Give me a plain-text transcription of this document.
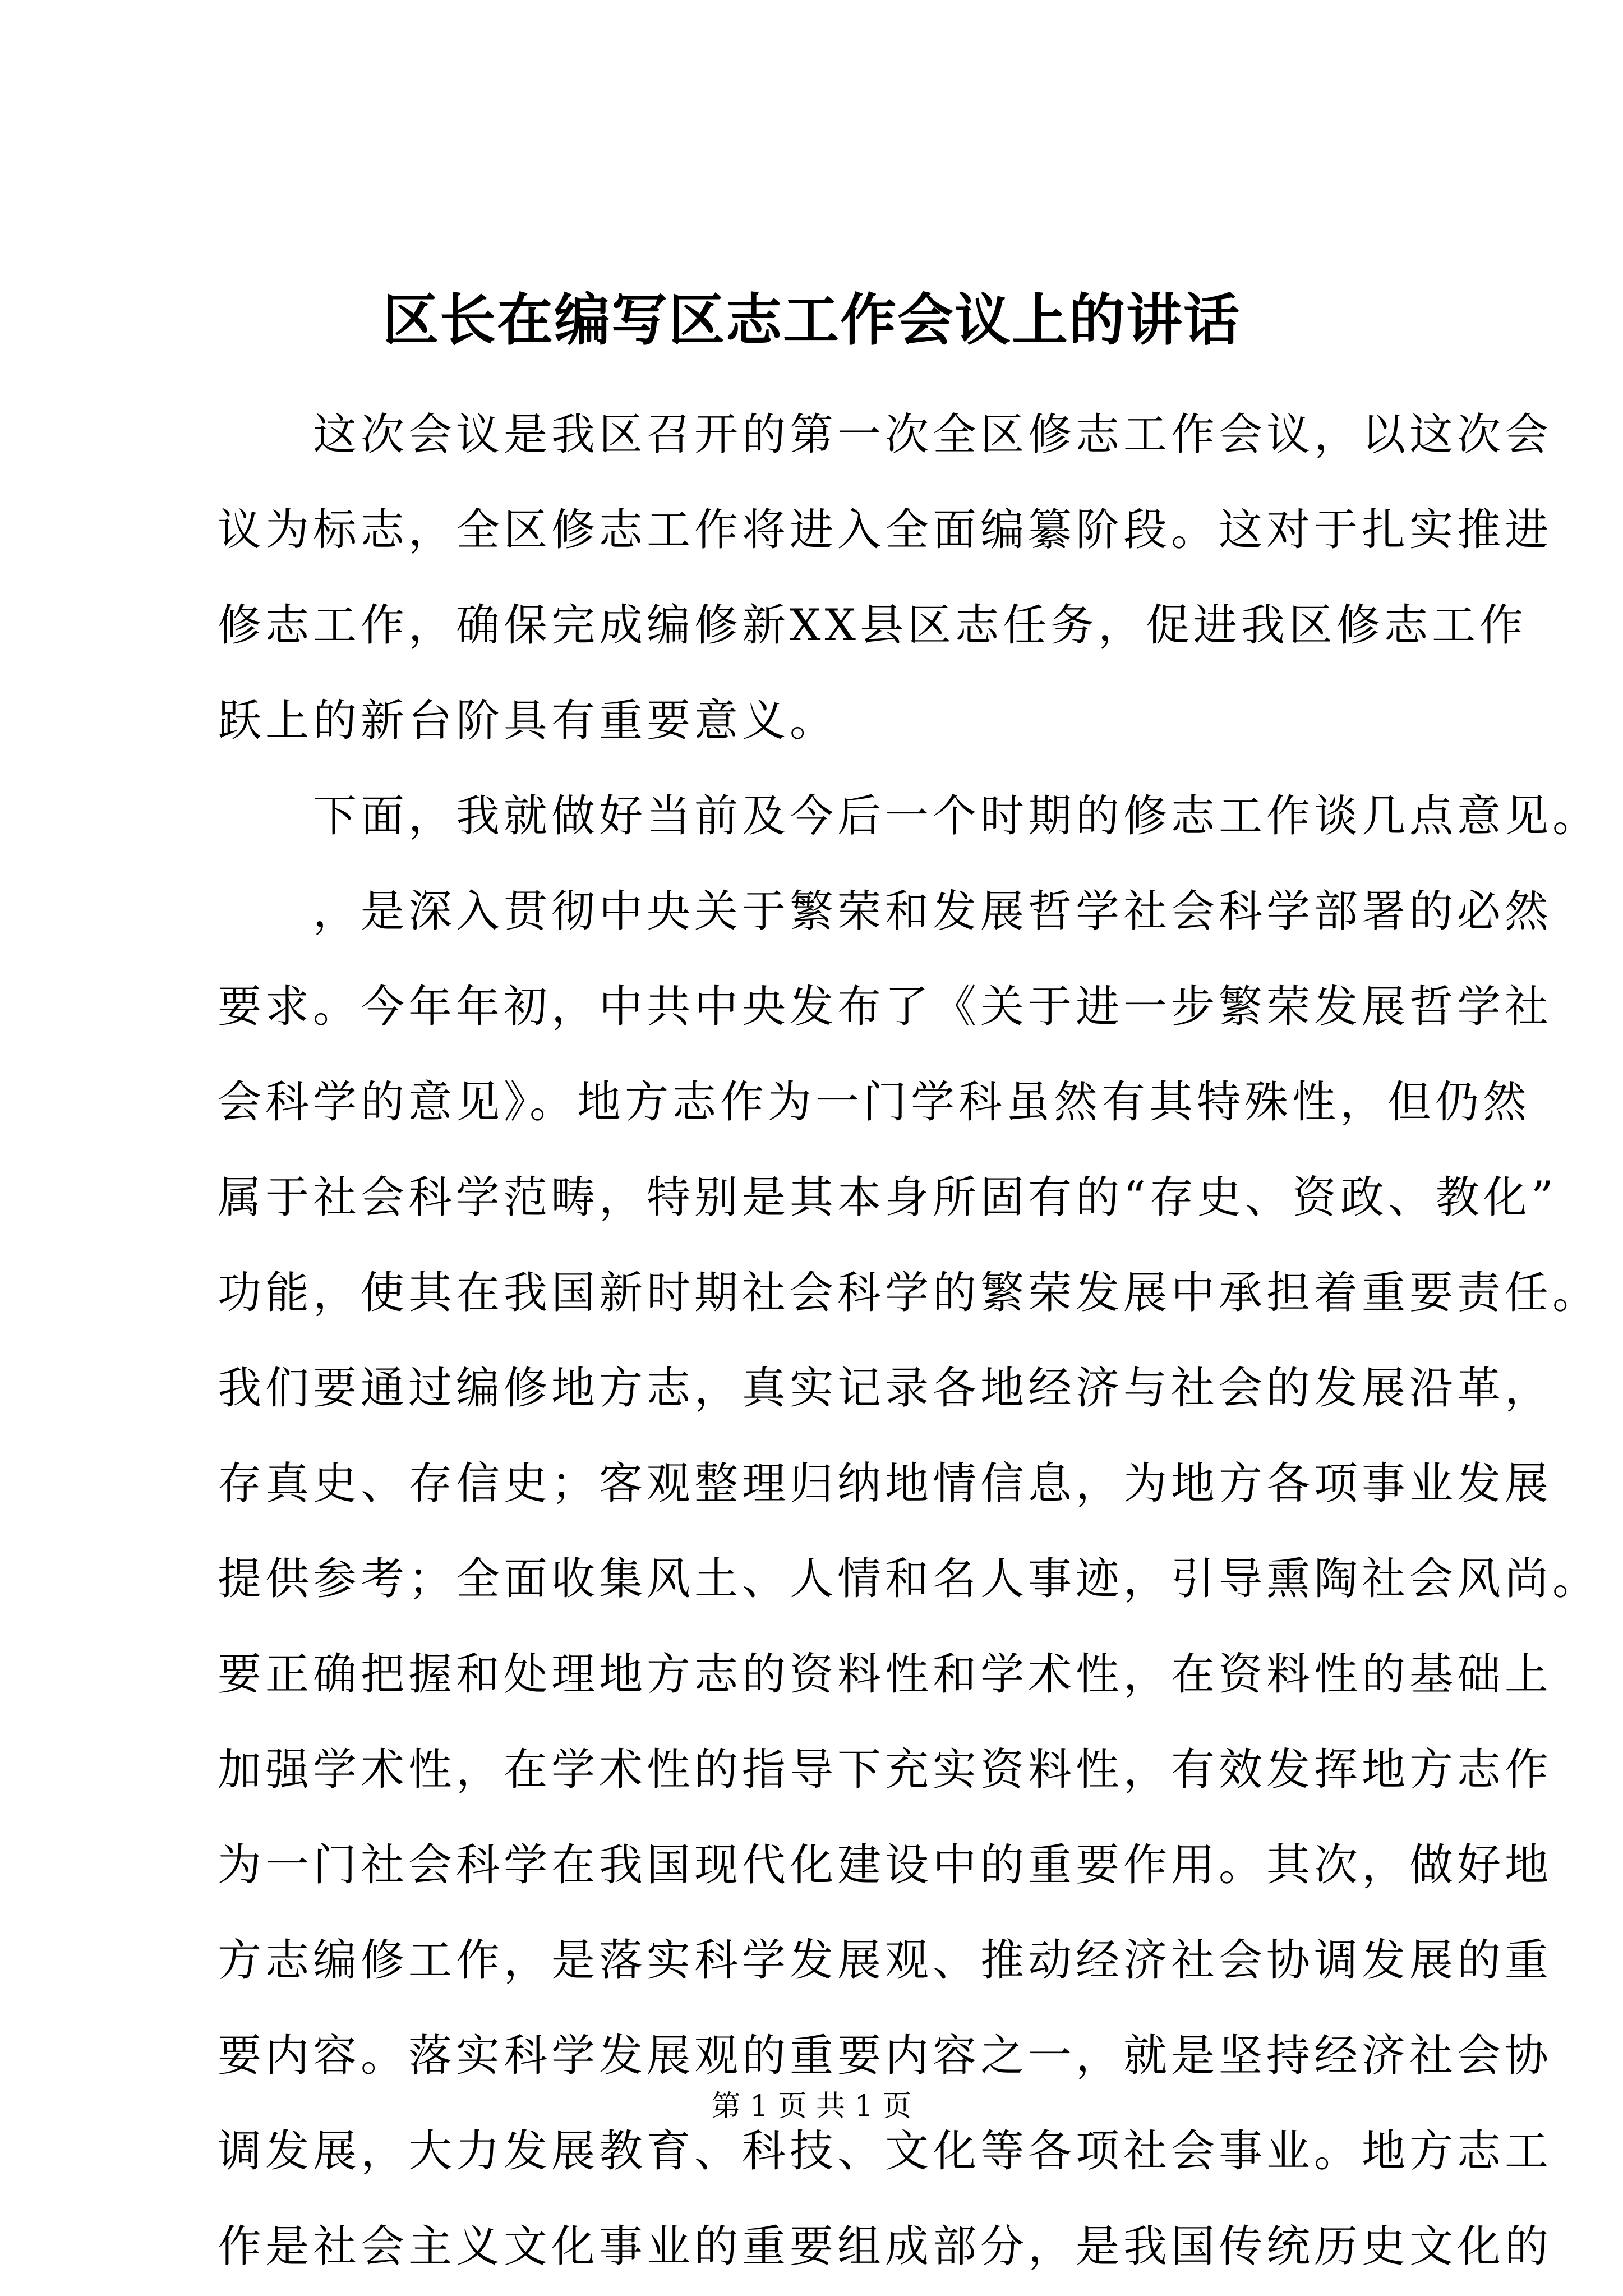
区长在编写区志工作会议上的讲话
　　这次会议是我区召开的第一次全区修志工作会议，以这次会
议为标志，全区修志工作将进入全面编纂阶段。这对于扎实推进
修志工作，确保完成编修新XX县区志任务，促进我区修志工作
跃上的新台阶具有重要意义。
　　下面，我就做好当前及今后一个时期的修志工作谈几点意见。
　　，是深入贯彻中央关于繁荣和发展哲学社会科学部署的必然
要求。今年年初，中共中央发布了《关于进一步繁荣发展哲学社
会科学的意见》。地方志作为一门学科虽然有其特殊性，但仍然
属于社会科学范畴，特别是其本身所固有的“存史、资政、教化”
功能，使其在我国新时期社会科学的繁荣发展中承担着重要责任。
我们要通过编修地方志，真实记录各地经济与社会的发展沿革，
存真史、存信史；客观整理归纳地情信息，为地方各项事业发展
提供参考；全面收集风土、人情和名人事迹，引导熏陶社会风尚。
要正确把握和处理地方志的资料性和学术性，在资料性的基础上
加强学术性，在学术性的指导下充实资料性，有效发挥地方志作
为一门社会科学在我国现代化建设中的重要作用。其次，做好地
方志编修工作，是落实科学发展观、推动经济社会协调发展的重
要内容。落实科学发展观的重要内容之一，就是坚持经济社会协
调发展，大力发展教育、科技、文化等各项社会事业。地方志工
作是社会主义文化事业的重要组成部分，是我国传统历史文化的
第 1 页 共 1 页
